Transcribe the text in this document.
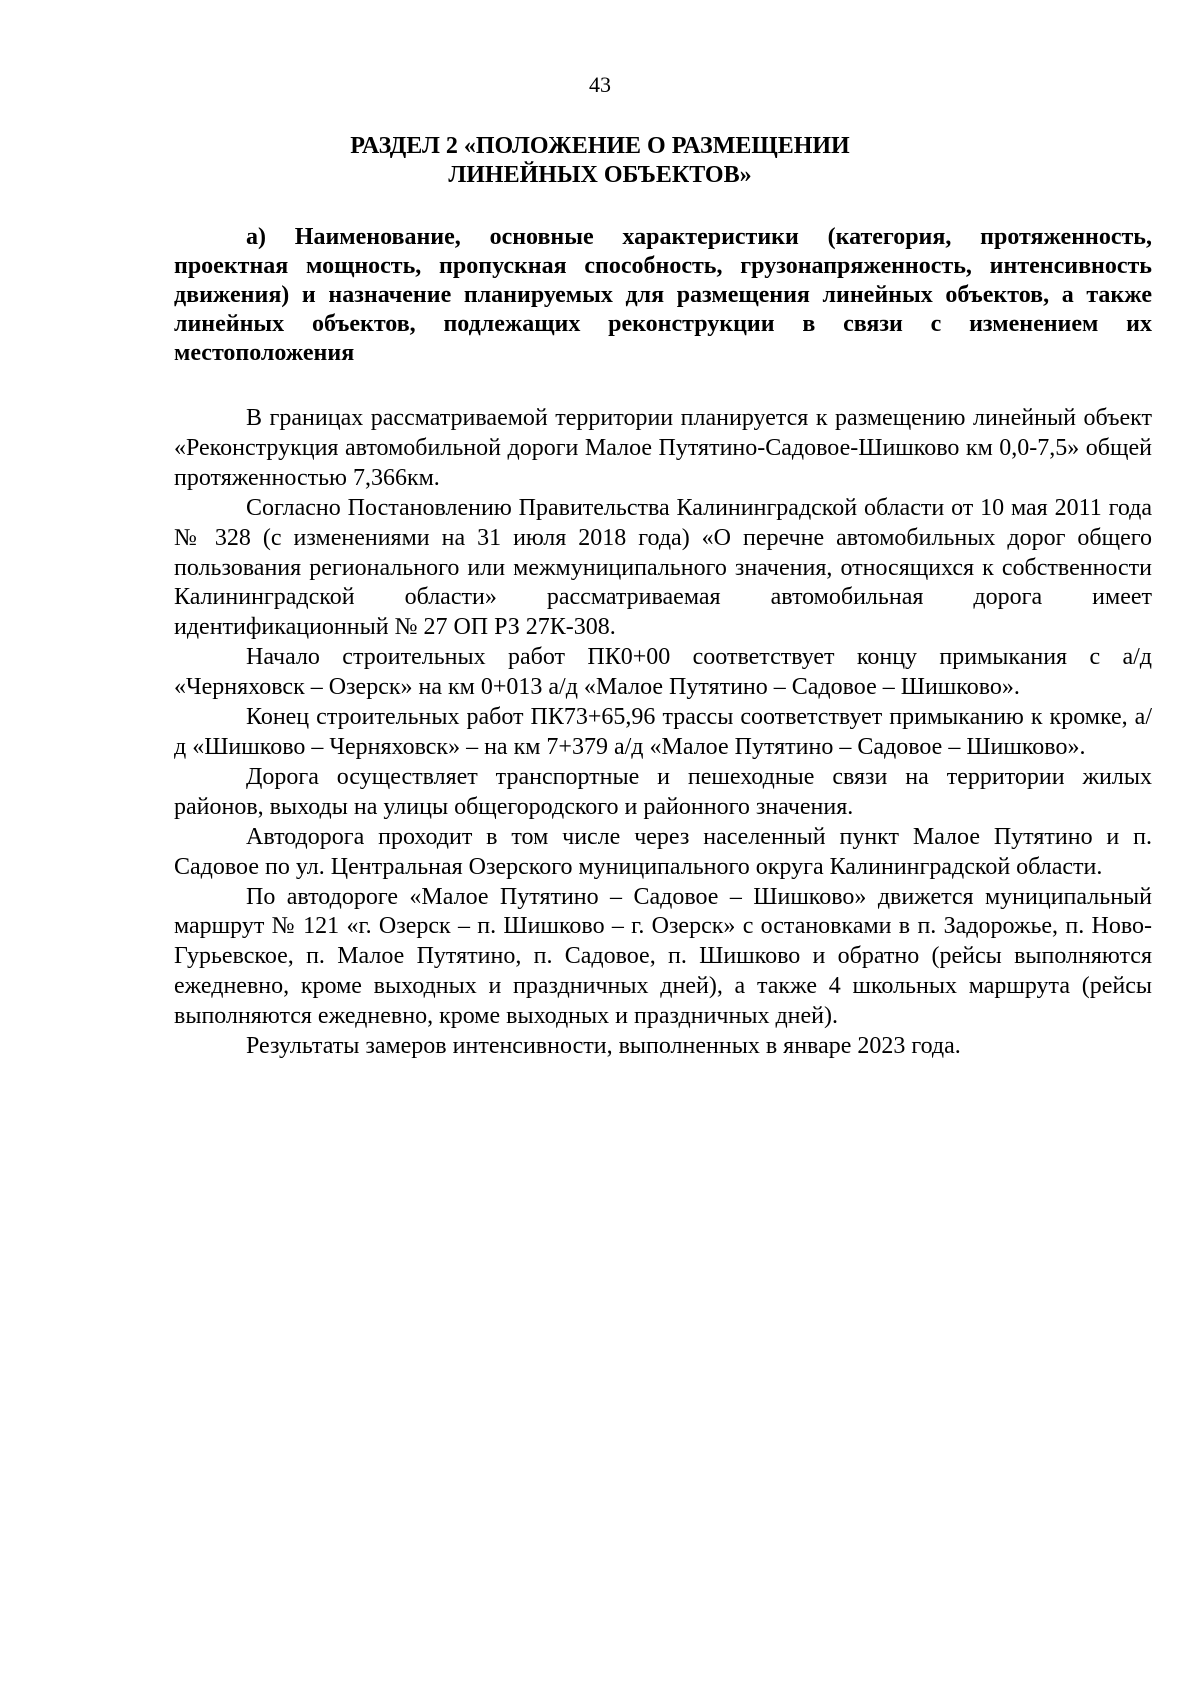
43
РАЗДЕЛ 2 «ПОЛОЖЕНИЕ О РАЗМЕЩЕНИИ
ЛИНЕЙНЫХ ОБЪЕКТОВ»

а) Наименование, основные характеристики (категория, протяженность, проектная мощность, пропускная способность, грузонапряженность, интенсивность движения) и назначение планируемых для размещения линейных объектов, а также линейных объектов, подлежащих реконструкции в связи с изменением их местоположения

В границах рассматриваемой территории планируется к размещению линейный объект «Реконструкция автомобильной дороги Малое Путятино-Садовое-Шишково км 0,0-7,5» общей протяженностью 7,366км.

Согласно Постановлению Правительства Калининградской области от 10 мая 2011 года № 328 (с изменениями на 31 июля 2018 года) «О перечне автомобильных дорог общего пользования регионального или межмуниципального значения, относящихся к собственности Калининградской области» рассматриваемая автомобильная дорога имеет идентификационный № 27 ОП РЗ 27К-308.

Начало строительных работ ПК0+00 соответствует концу примыкания с а/д «Черняховск – Озерск» на км 0+013 а/д «Малое Путятино – Садовое – Шишково».

Конец строительных работ ПК73+65,96 трассы соответствует примыканию к кромке, а/д «Шишково – Черняховск» – на км 7+379 а/д «Малое Путятино – Садовое – Шишково».

Дорога осуществляет транспортные и пешеходные связи на территории жилых районов, выходы на улицы общегородского и районного значения.

Автодорога проходит в том числе через населенный пункт Малое Путятино и п. Садовое по ул. Центральная Озерского муниципального округа Калининградской области.

По автодороге «Малое Путятино – Садовое – Шишково» движется муниципальный маршрут № 121 «г. Озерск – п. Шишково – г. Озерск» с остановками в п. Задорожье, п. Ново-Гурьевское, п. Малое Путятино, п. Садовое, п. Шишково и обратно (рейсы выполняются ежедневно, кроме выходных и праздничных дней), а также 4 школьных маршрута (рейсы выполняются ежедневно, кроме выходных и праздничных дней).

Результаты замеров интенсивности, выполненных в январе 2023 года.
